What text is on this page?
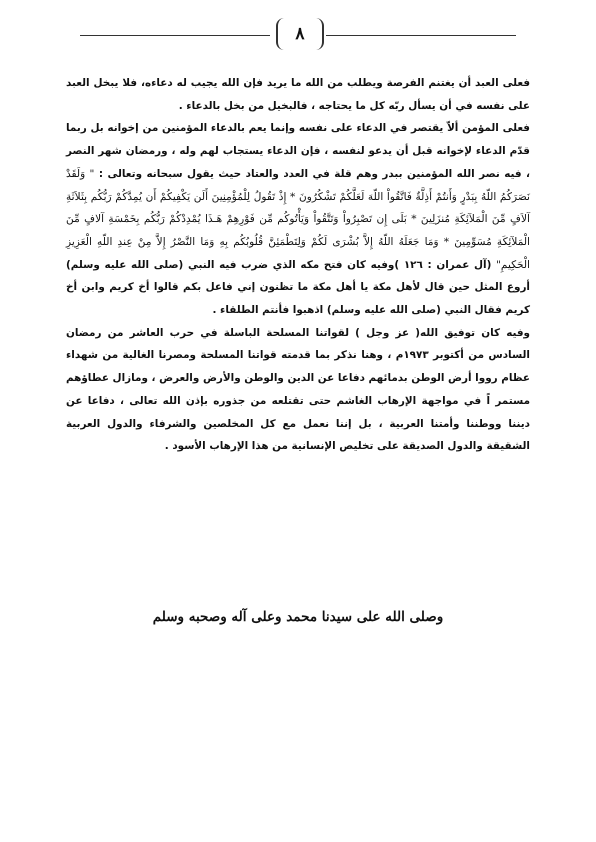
٨

فعلى العبد أن يغتنم الفرصة ويطلب من الله ما يريد فإن الله يجيب له دعاءه، فلا يبخل العبد على نفسه في أن يسأل ربّه كل ما يحتاجه ، فالبخيل من بخل بالدعاء .

فعلى المؤمن ألاّ يقتصر في الدعاء على نفسه وإنما يعم بالدعاء المؤمنين من إخوانه بل ربما قدّم الدعاء لإخوانه قبل أن يدعو لنفسه ، فإن الدعاء يستجاب لهم وله ، ورمضان شهر النصر ، فيه نصر الله المؤمنين ببدر وهم قلة في العدد والعتاد حيث يقول سبحانه وتعالى : " وَلَقَدْ نَصَرَكُمُ اللّهُ بِبَدْرٍ وَأَنتُمْ أَذِلَّةٌ فَاتَّقُواْ اللّهَ لَعَلَّكُمْ تَشْكُرُونَ * إِذْ تَقُولُ لِلْمُؤْمِنِينَ أَلَن يَكْفِيكُمْ أَن يُمِدَّكُمْ رَبُّكُم بِثَلاَثَةِ آلاَفٍ مِّنَ الْمَلآئِكَةِ مُنزَلِينَ * بَلَى إِن تَصْبِرُواْ وَتَتَّقُواْ وَيَأْتُوكُم مِّن فَوْرِهِمْ هَـذَا يُمْدِدْكُمْ رَبُّكُم بِخَمْسَةِ آلافٍ مِّنَ الْمَلآئِكَةِ مُسَوِّمِينَ * وَمَا جَعَلَهُ اللّهُ إِلاَّ بُشْرَى لَكُمْ وَلِتَطْمَئِنَّ قُلُوبُكُم بِهِ وَمَا النَّصْرُ إِلاَّ مِنْ عِندِ اللّهِ الْعَزِيزِ الْحَكِيمِ" (آل عمران : ١٢٦ )وفيه كان فتح مكه الذي ضرب فيه النبي (صلى الله عليه وسلم) أروع المثل حين قال لأهل مكة يا أهل مكة ما تظنون إني فاعل بكم قالوا أخ كريم وابن أخ كريم فقال النبي (صلى الله عليه وسلم) اذهبوا فأنتم الطلقاء .

وفيه كان توفيق الله( عز وجل ) لقواتنا المسلحة الباسلة في حرب العاشر من رمضان السادس من أكتوبر ١٩٧٣م ، وهنا نذكر بما قدمته قواتنا المسلحة ومصرنا الغالية من شهداء عظام رووا أرض الوطن بدمائهم دفاعا عن الدين والوطن والأرض والعرض ، ومازال عطاؤهم مستمر اً في مواجهة الإرهاب الغاشم حتى تقتلعه من جذوره بإذن الله تعالى ، دفاعا عن ديننا ووطننا وأمتنا العربية ، بل إننا نعمل مع كل المخلصين والشرفاء والدول العربية الشقيقة والدول الصديقة على تخليص الإنسانية من هذا الإرهاب الأسود .

وصلى الله على سيدنا محمد وعلى آله وصحبه وسلم
